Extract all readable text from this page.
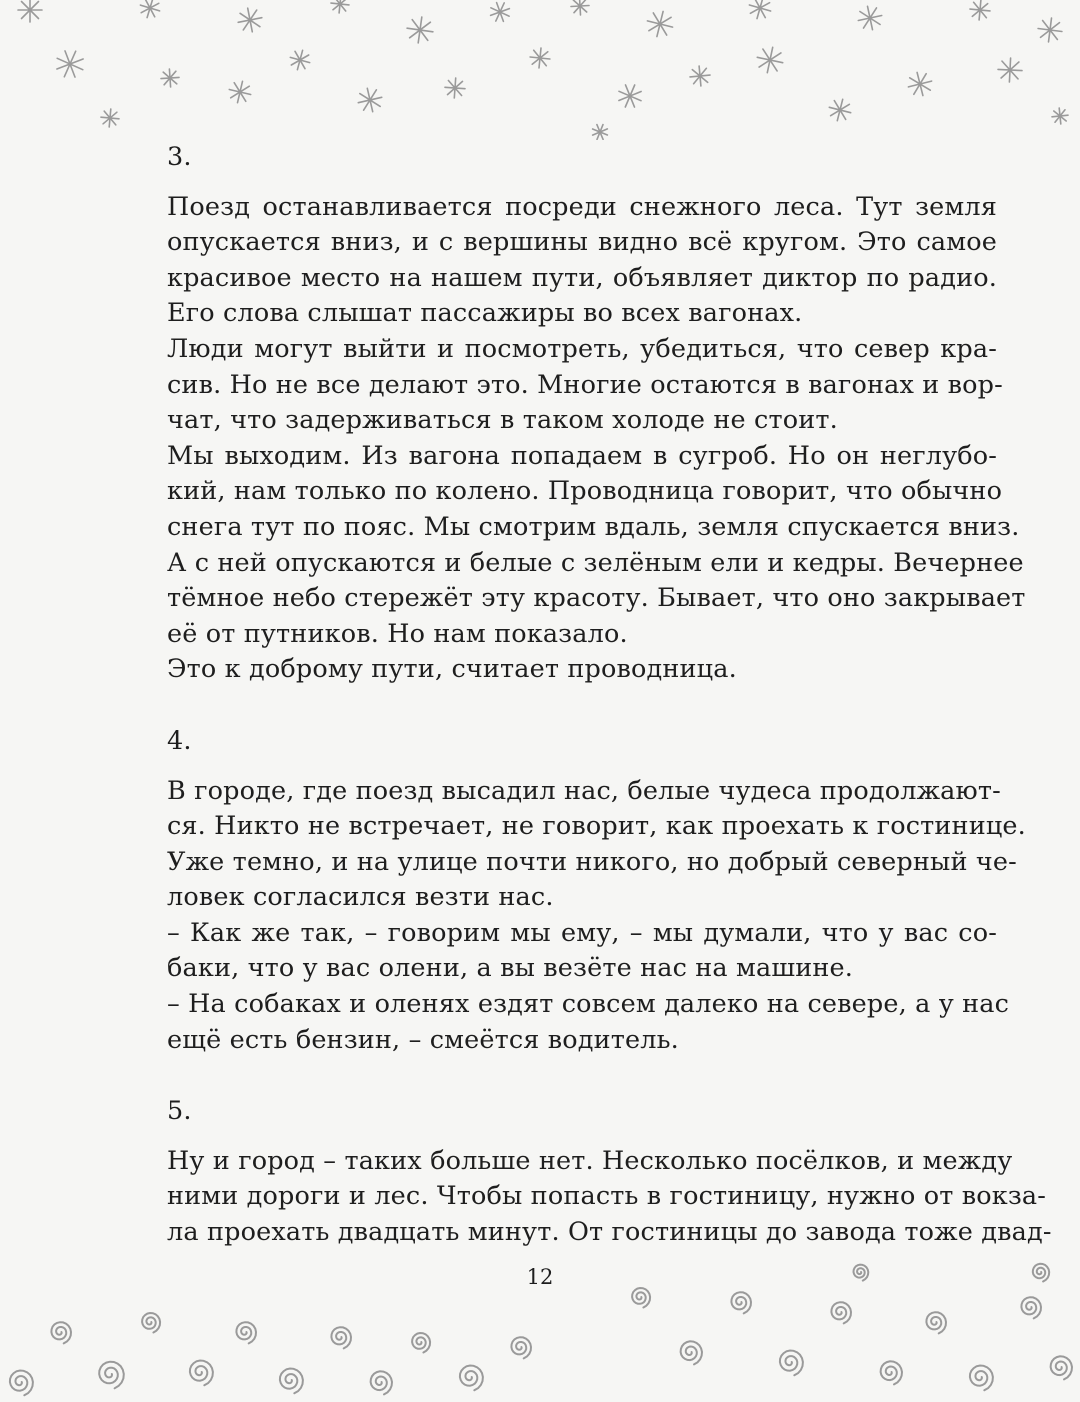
3.
Поезд останавливается посреди снежного леса. Тут земля
опускается вниз, и с вершины видно всё кругом. Это самое
красивое место на нашем пути, объявляет диктор по радио.
Его слова слышат пассажиры во всех вагонах.
Люди могут выйти и посмотреть, убедиться, что север кра-
сив. Но не все делают это. Многие остаются в вагонах и вор-
чат, что задерживаться в таком холоде не стоит.
Мы выходим. Из вагона попадаем в сугроб. Но он неглубо-
кий, нам только по колено. Проводница говорит, что обычно
снега тут по пояс. Мы смотрим вдаль, земля спускается вниз.
А с ней опускаются и белые с зелёным ели и кедры. Вечернее
тёмное небо стережёт эту красоту. Бывает, что оно закрывает
её от путников. Но нам показало.
Это к доброму пути, считает проводница.
4.
В городе, где поезд высадил нас, белые чудеса продолжают-
ся. Никто не встречает, не говорит, как проехать к гостинице.
Уже темно, и на улице почти никого, но добрый северный че-
ловек согласился везти нас.
– Как же так, – говорим мы ему, – мы думали, что у вас со-
баки, что у вас олени, а вы везёте нас на машине.
– На собаках и оленях ездят совсем далеко на севере, а у нас
ещё есть бензин, – смеётся водитель.
5.
Ну и город – таких больше нет. Несколько посёлков, и между
ними дороги и лес. Чтобы попасть в гостиницу, нужно от вокза-
ла проехать двадцать минут. От гостиницы до завода тоже двад-
12
